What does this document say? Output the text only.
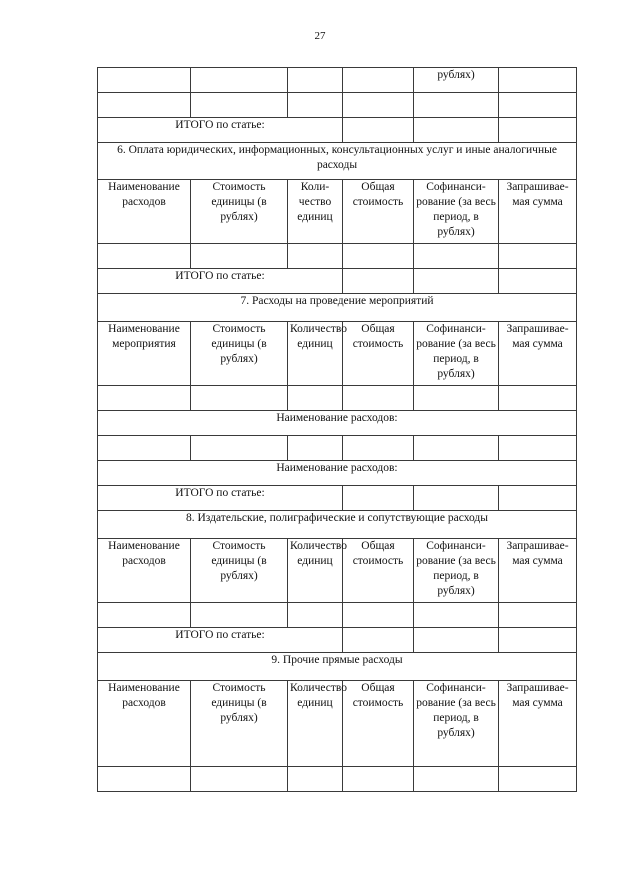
27
				рублях)	

ИТОГО по статье:					
6. Оплата юридических, информационных, консультационных услуг и иные аналогичные расходы					
Наименование расходов	Стоимость единицы (в рублях)	Коли-чество единиц	Общая стоимость	Софинанси-рование (за весь период, в рублях)	Запрашивае-мая сумма

ИТОГО по статье:					
7. Расходы на проведение мероприятий					
Наименование мероприятия	Стоимость единицы (в рублях)	Количество единиц	Общая стоимость	Софинанси-рование (за весь период, в рублях)	Запрашивае-мая сумма

Наименование расходов:					

Наименование расходов:					
ИТОГО по статье:					
8. Издательские, полиграфические и сопутствующие расходы					
Наименование расходов	Стоимость единицы (в рублях)	Количество единиц	Общая стоимость	Софинанси-рование (за весь период, в рублях)	Запрашивае-мая сумма

ИТОГО по статье:					
9. Прочие прямые расходы					
Наименование расходов	Стоимость единицы (в рублях)	Количество единиц	Общая стоимость	Софинанси-рование (за весь период, в рублях)	Запрашивае-мая сумма
